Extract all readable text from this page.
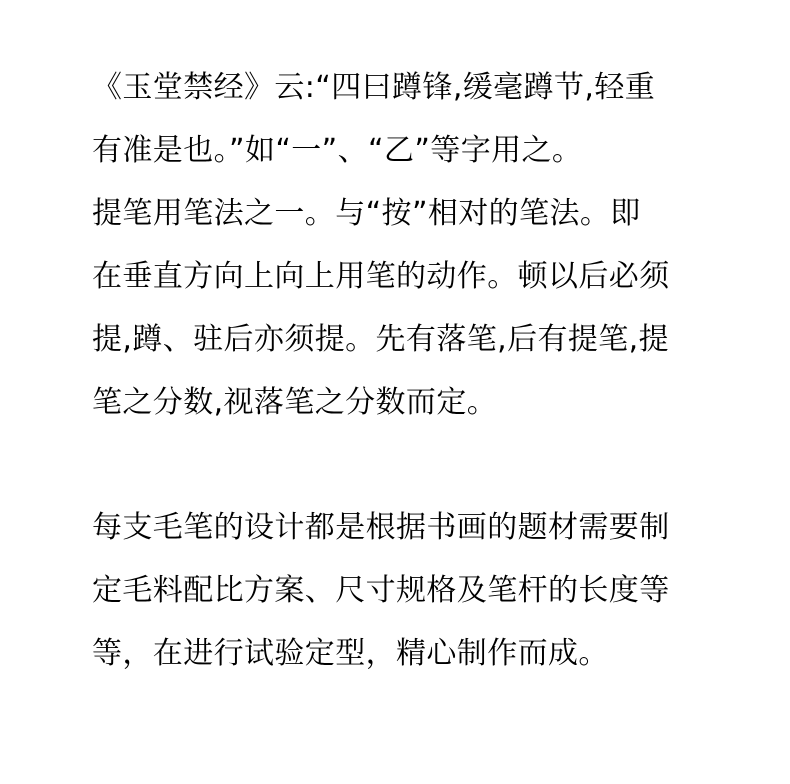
《玉堂禁经》云:“四曰蹲锋,缓毫蹲节,轻重
有准是也。”如“一”、“乙”等字用之。
提笔用笔法之一。与“按”相对的笔法。即
在垂直方向上向上用笔的动作。顿以后必须
提,蹲、驻后亦须提。先有落笔,后有提笔,提
笔之分数,视落笔之分数而定。

每支毛笔的设计都是根据书画的题材需要制
定毛料配比方案、尺寸规格及笔杆的长度等
等，在进行试验定型，精心制作而成。
